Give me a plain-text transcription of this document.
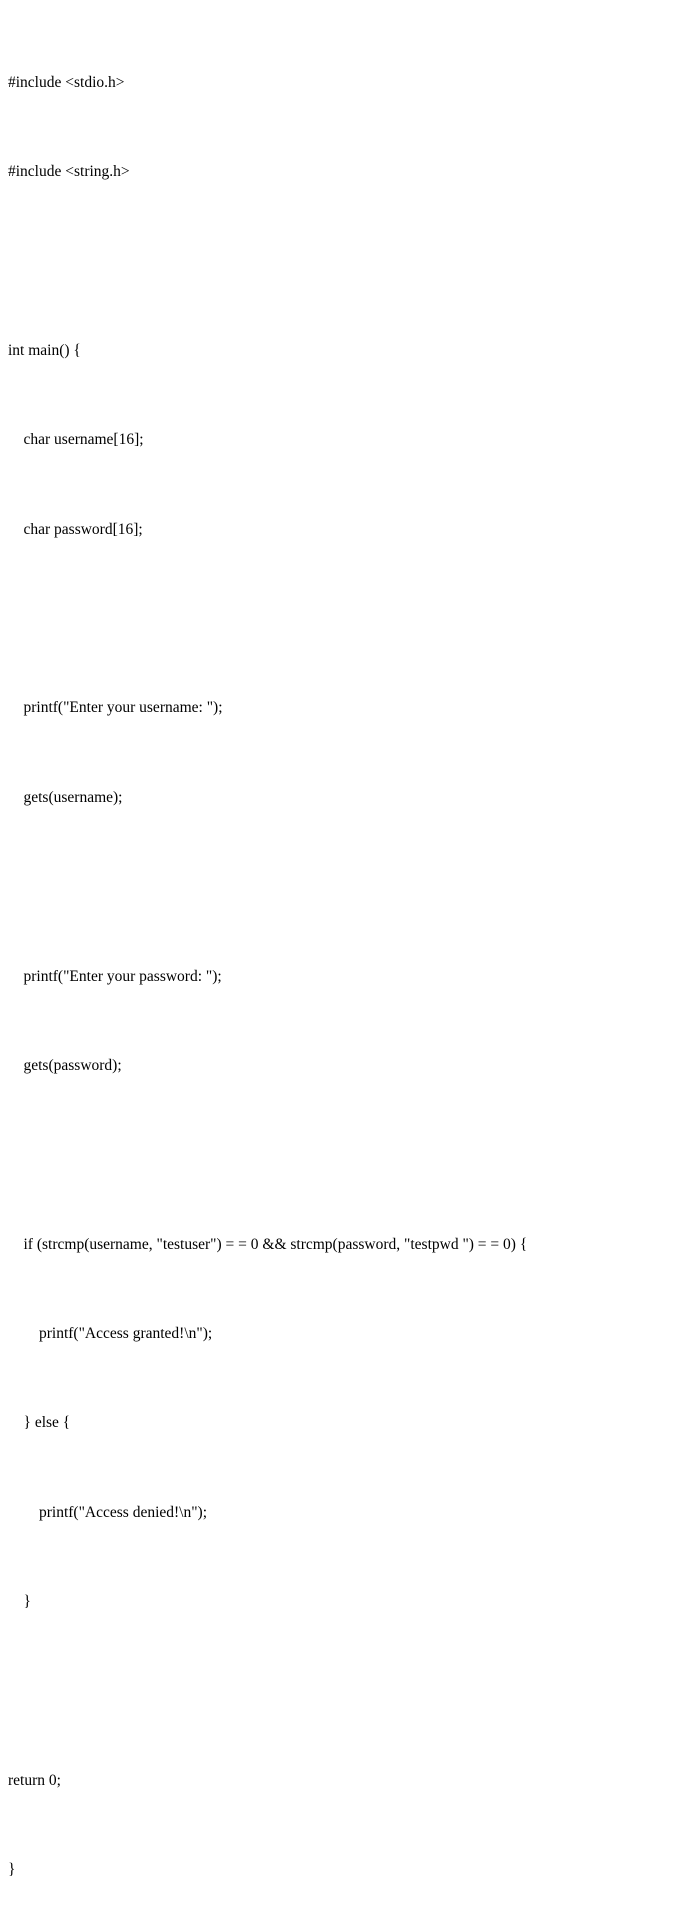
#include <stdio.h>

#include <string.h>

int main() {

char username[16];

char password[16];

printf("Enter your username: ");

gets(username);

printf("Enter your password: ");

gets(password);

if (strcmp(username, "testuser") = = 0 && strcmp(password, "testpwd ") = = 0) {

printf("Access granted!\n");

} else {

printf("Access denied!\n");

}

return 0;

}
